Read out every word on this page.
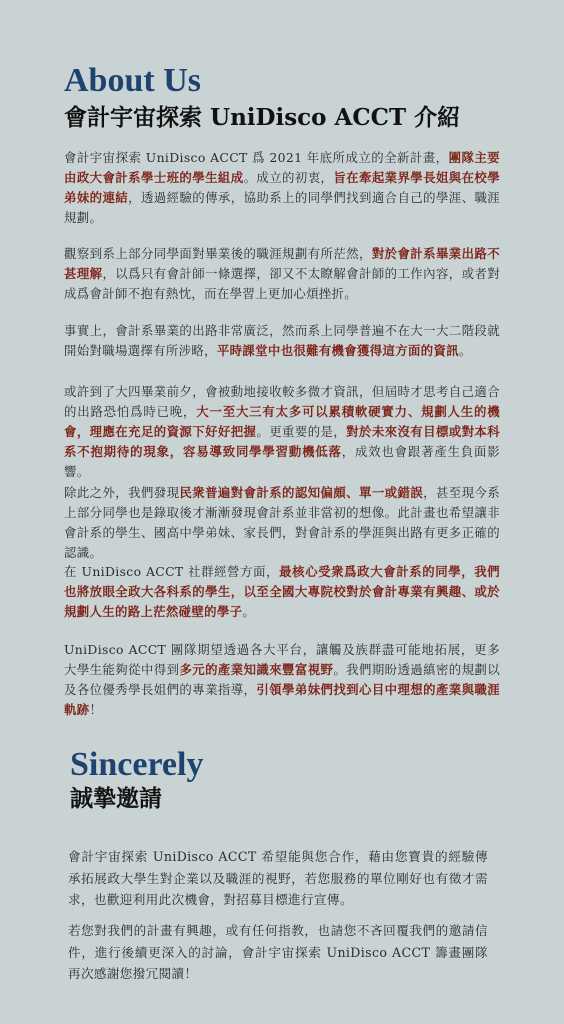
About Us
會計宇宙探索 UniDisco ACCT 介紹

會計宇宙探索 UniDisco ACCT 爲 2021 年底所成立的全新計畫，團隊主要由政大會計系學士班的學生組成。成立的初衷，旨在牽起業界學長姐與在校學弟妹的連結，透過經驗的傳承，協助系上的同學們找到適合自己的學涯、職涯規劃。

觀察到系上部分同學面對畢業後的職涯規劃有所茫然，對於會計系畢業出路不甚理解，以爲只有會計師一條選擇，卻又不太瞭解會計師的工作內容，或者對成爲會計師不抱有熱忱，而在學習上更加心煩挫折。

事實上，會計系畢業的出路非常廣泛，然而系上同學普遍不在大一大二階段就開始對職場選擇有所涉略，平時課堂中也很難有機會獲得這方面的資訊。

或許到了大四畢業前夕，會被動地接收較多微才資訊，但屆時才思考自己適合的出路恐怕爲時已晚，大一至大三有太多可以累積軟硬實力、規劃人生的機會，理應在充足的資源下好好把握。更重要的是，對於未來沒有目標或對本科系不抱期待的現象，容易導致同學學習動機低落，成效也會跟著產生負面影響。

除此之外，我們發現民衆普遍對會計系的認知偏頗、單一或錯誤，甚至現今系上部分同學也是錄取後才漸漸發現會計系並非當初的想像。此計畫也希望讓非會計系的學生、國高中學弟妹、家長們，對會計系的學涯與出路有更多正確的認識。

在 UniDisco ACCT 社群經營方面，最核心受衆爲政大會計系的同學，我們也將放眼全政大各科系的學生，以至全國大專院校對於會計專業有興趣、或於規劃人生的路上茫然碰壁的學子。

UniDisco ACCT 團隊期望透過各大平台，讓觸及族群盡可能地拓展，更多大學生能夠從中得到多元的產業知識來豐富視野。我們期盼透過縝密的規劃以及各位優秀學長姐們的專業指導，引領學弟妹們找到心目中理想的產業與職涯軌跡！

Sincerely
誠摯邀請

會計宇宙探索 UniDisco ACCT 希望能與您合作，藉由您寶貴的經驗傳承拓展政大學生對企業以及職涯的視野，若您服務的單位剛好也有徵才需求，也歡迎利用此次機會，對招募目標進行宣傳。

若您對我們的計畫有興趣，或有任何指教，也請您不吝回覆我們的邀請信件，進行後續更深入的討論，會計宇宙探索 UniDisco ACCT 籌畫團隊再次感謝您撥冗閱讀！
